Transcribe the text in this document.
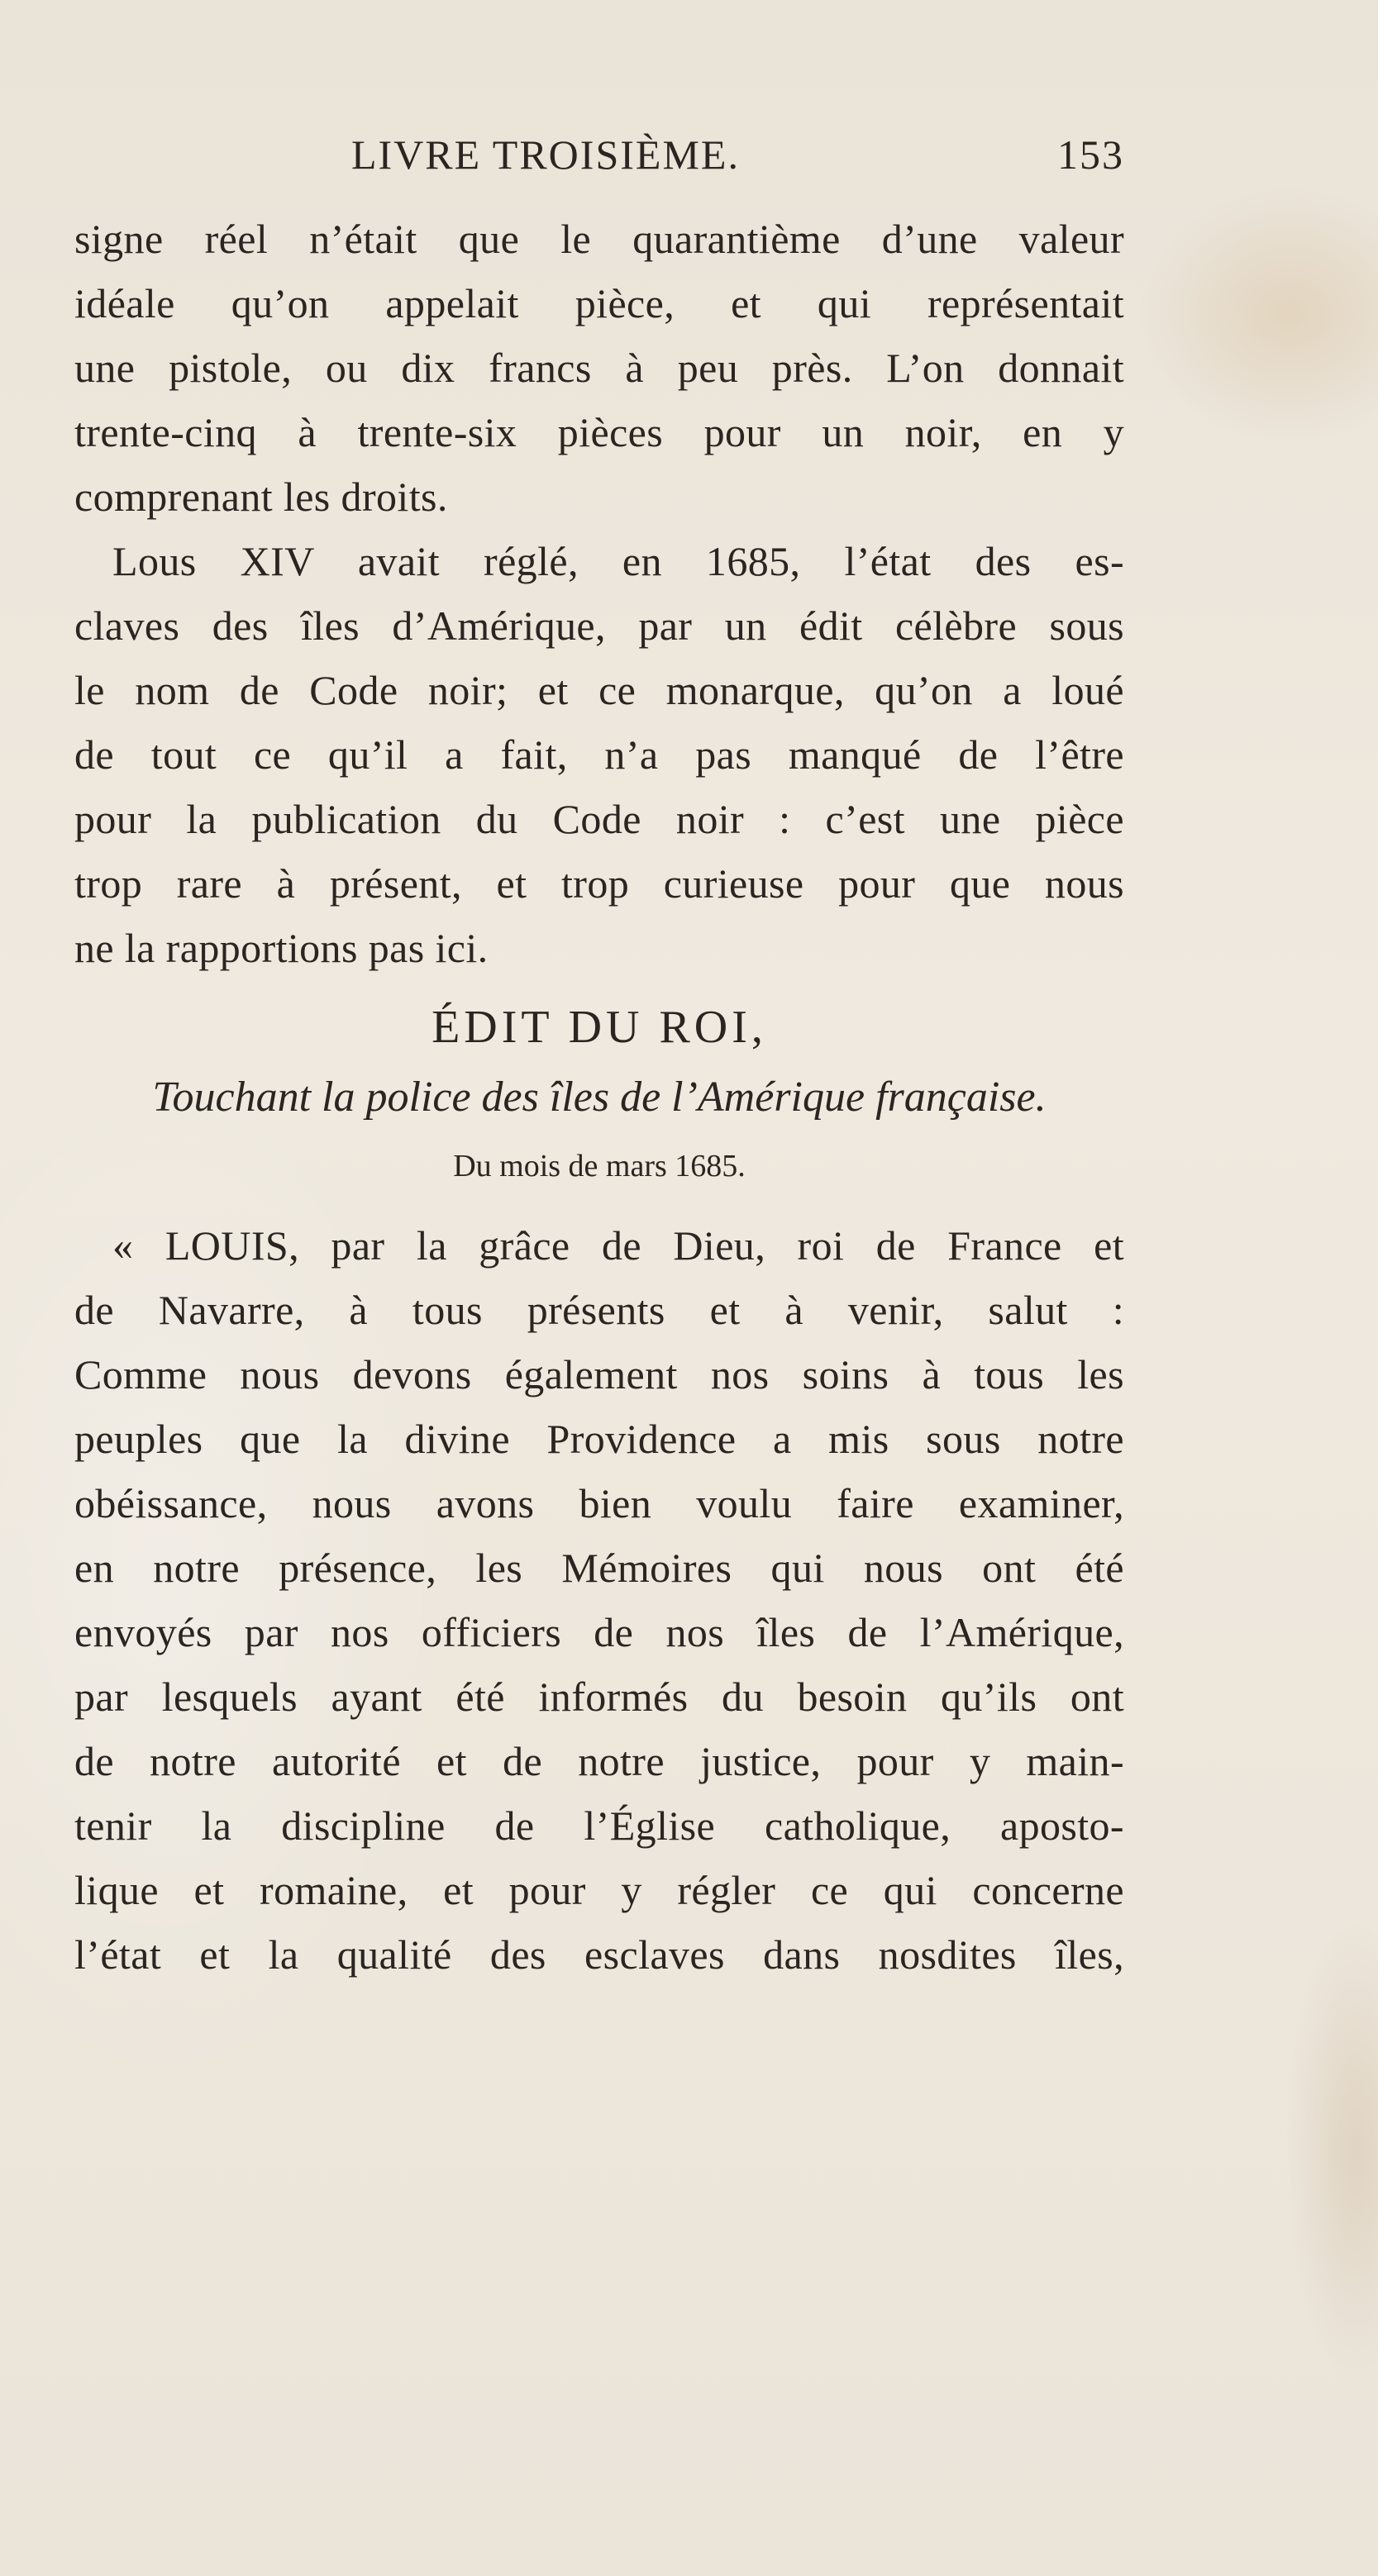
LIVRE TROISIÈME.	153
signe réel n’était que le quarantième d’une valeur
idéale qu’on appelait pièce, et qui représentait
une pistole, ou dix francs à peu près. L’on donnait
trente-cinq à trente-six pièces pour un noir, en y
comprenant les droits.
Lous XIV avait réglé, en 1685, l’état des es-
claves des îles d’Amérique, par un édit célèbre sous
le nom de Code noir; et ce monarque, qu’on a loué
de tout ce qu’il a fait, n’a pas manqué de l’être
pour la publication du Code noir : c’est une pièce
trop rare à présent, et trop curieuse pour que nous
ne la rapportions pas ici.
ÉDIT DU ROI,
Touchant la police des îles de l’Amérique française.
Du mois de mars 1685.
« LOUIS, par la grâce de Dieu, roi de France et
de Navarre, à tous présents et à venir, salut :
Comme nous devons également nos soins à tous les
peuples que la divine Providence a mis sous notre
obéissance, nous avons bien voulu faire examiner,
en notre présence, les Mémoires qui nous ont été
envoyés par nos officiers de nos îles de l’Amérique,
par lesquels ayant été informés du besoin qu’ils ont
de notre autorité et de notre justice, pour y main-
tenir la discipline de l’Église catholique, aposto-
lique et romaine, et pour y régler ce qui concerne
l’état et la qualité des esclaves dans nosdites îles,
